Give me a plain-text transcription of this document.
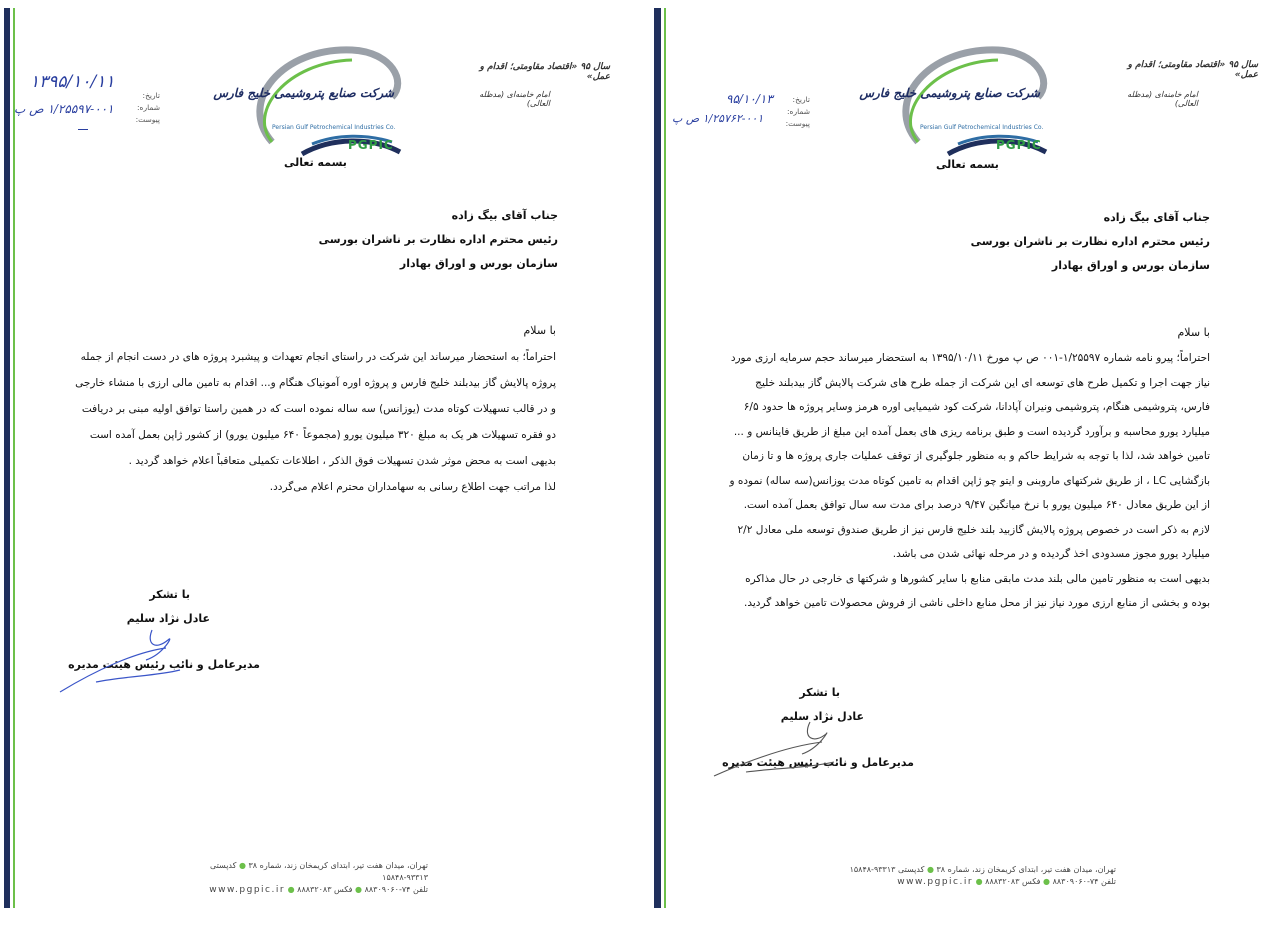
تاریخ:
شماره:
پیوست:
۱۳۹۵/۱۰/۱۱
۱/۲۵۵۹۷-۰۰۱ ص پ
شرکت صنایع پتروشیمی خلیج فارس
Persian Gulf Petrochemical Industries Co.
PGPIC
سال ۹۵ «اقتصاد مقاومتی؛ اقدام و عمل»
امام خامنه‌ای (مدظله العالی)
بسمه تعالی
جناب آقای بیگ زاده
رئیس محترم اداره نظارت بر ناشران بورسی
سازمان بورس و اوراق بهادار
با سلام

احتراماً؛ به استحضار میرساند این شرکت در راستای انجام تعهدات و پیشبرد پروژه های در دست انجام از جمله پروژه پالایش گاز بیدبلند خلیج فارس و پروژه اوره آمونیاک هنگام و... اقدام به تامین مالی ارزی با منشاء خارجی و در قالب تسهیلات کوتاه مدت (یوزانس) سه ساله نموده است که در همین راستا توافق اولیه مبنی بر دریافت دو فقره تسهیلات هر یک به مبلغ ۳۲۰ میلیون یورو (مجموعاً ۶۴۰ میلیون یورو) از کشور ژاپن بعمل آمده است بدیهی است به محض موثر شدن تسهیلات فوق الذکر ، اطلاعات تکمیلی متعاقباً اعلام خواهد گردید .

لذا مراتب جهت اطلاع رسانی به سهامداران محترم اعلام می‌گردد.

با تشکر
عادل نژاد سلیم
مدیرعامل و نائب رئیس هیئت مدیره
تهران، میدان هفت تیر، ابتدای کریمخان زند، شماره ۳۸ ● کدپستی ۹۳۳۱۳-۱۵۸۴۸
تلفن ۷۴-۸۸۳۰۹۰۶۰ ● فکس ۸۸۸۳۲۰۸۳ ● www.pgpic.ir
تاریخ:
شماره:
پیوست:
۹۵/۱۰/۱۳
۱/۲۵۷۶۲-۰۰۱ ص پ
شرکت صنایع پتروشیمی خلیج فارس
Persian Gulf Petrochemical Industries Co.
PGPIC
سال ۹۵ «اقتصاد مقاومتی؛ اقدام و عمل»
امام خامنه‌ای (مدظله العالی)
بسمه تعالی
جناب آقای بیگ زاده
رئیس محترم اداره نظارت بر ناشران بورسی
سازمان بورس و اوراق بهادار
با سلام

احتراماً؛ پیرو نامه شماره ۱/۲۵۵۹۷-۰۰۱ ص پ مورخ ۱۳۹۵/۱۰/۱۱ به استحضار میرساند حجم سرمایه ارزی مورد نیاز جهت اجرا و تکمیل طرح های توسعه ای این شرکت از جمله طرح های شرکت پالایش گاز بیدبلند خلیج فارس، پتروشیمی هنگام، پتروشیمی ونیران آپادانا، شرکت کود شیمیایی اوره هرمز وسایر پروژه ها حدود ۶/۵ میلیارد یورو محاسبه و برآورد گردیده است و طبق برنامه ریزی های بعمل آمده این مبلغ از طریق فاینانس و ... تامین خواهد شد، لذا با توجه به شرایط حاکم و به منظور جلوگیری از توقف عملیات جاری پروژه ها و تا زمان بازگشایی LC ، از طریق شرکتهای ماروبنی و ایتو چو ژاپن اقدام به تامین کوتاه مدت یوزانس(سه ساله) نموده و از این طریق معادل ۶۴۰ میلیون یورو با نرخ میانگین ۹/۴۷ درصد برای مدت سه سال توافق بعمل آمده است. لازم به ذکر است در خصوص پروژه پالایش گازبید بلند خلیج فارس نیز از طریق صندوق توسعه ملی معادل ۲/۲ میلیارد یورو مجوز مسدودی اخذ گردیده و در مرحله نهائی شدن می باشد.

بدیهی است به منظور تامین مالی بلند مدت مابقی منابع با سایر کشورها و شرکتها ی خارجی در حال مذاکره بوده و بخشی از منابع ارزی مورد نیاز نیز از محل منابع داخلی ناشی از فروش محصولات تامین خواهد گردید.

با تشکر
عادل نژاد سلیم
مدیرعامل و نائب رئیس هیئت مدیره
تهران، میدان هفت تیر، ابتدای کریمخان زند، شماره ۳۸ ● کدپستی ۹۳۳۱۳-۱۵۸۴۸
تلفن ۷۴-۸۸۳۰۹۰۶۰ ● فکس ۸۸۸۳۲۰۸۳ ● www.pgpic.ir
